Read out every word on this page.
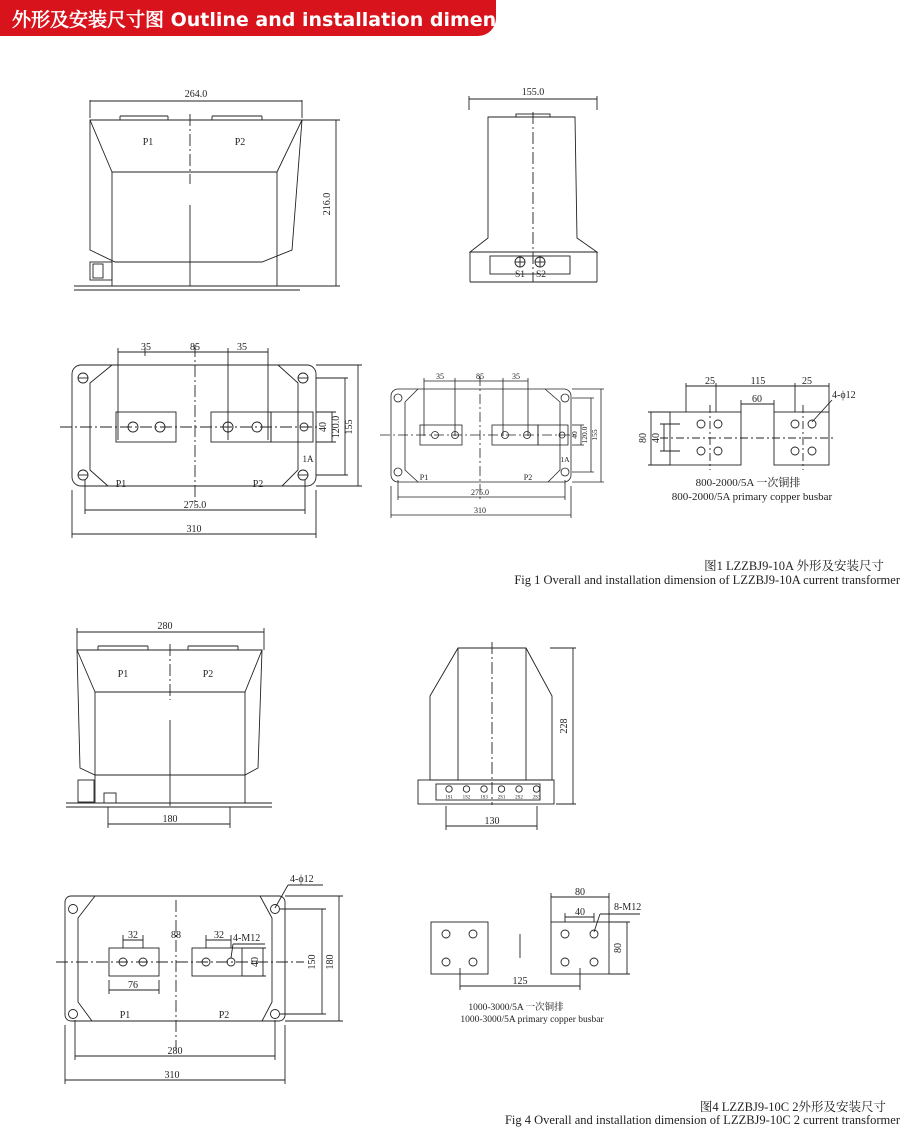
外形及安装尺寸图 Outline and installation dimension
264.0
P1	P2
216.0
155.0
S1 S2
35	85	35
P1	P2
1A
40 120.0 155
275.0
310
35	85	35
P1	P2
1A
40 120.0 155
275.0
310
25	115	25
60	4-ϕ12
80 40
800-2000/5A 一次铜排
800-2000/5A primary copper busbar
280
P1	P2
180
1S1 1S2 1S3 2S1 2S2 2S3
228
130
4-ϕ12
32	88	32 4-M12
76
40	150 180
P1	P2
280
310
80
40	8-M12
80
125
1000-3000/5A 一次铜排
1000-3000/5A primary copper busbar
图1 LZZBJ9-10A 外形及安装尺寸
Fig 1 Overall and installation dimension of LZZBJ9-10A current transformer
图4 LZZBJ9-10C 2外形及安装尺寸
Fig 4 Overall and installation dimension of LZZBJ9-10C 2 current transformer
